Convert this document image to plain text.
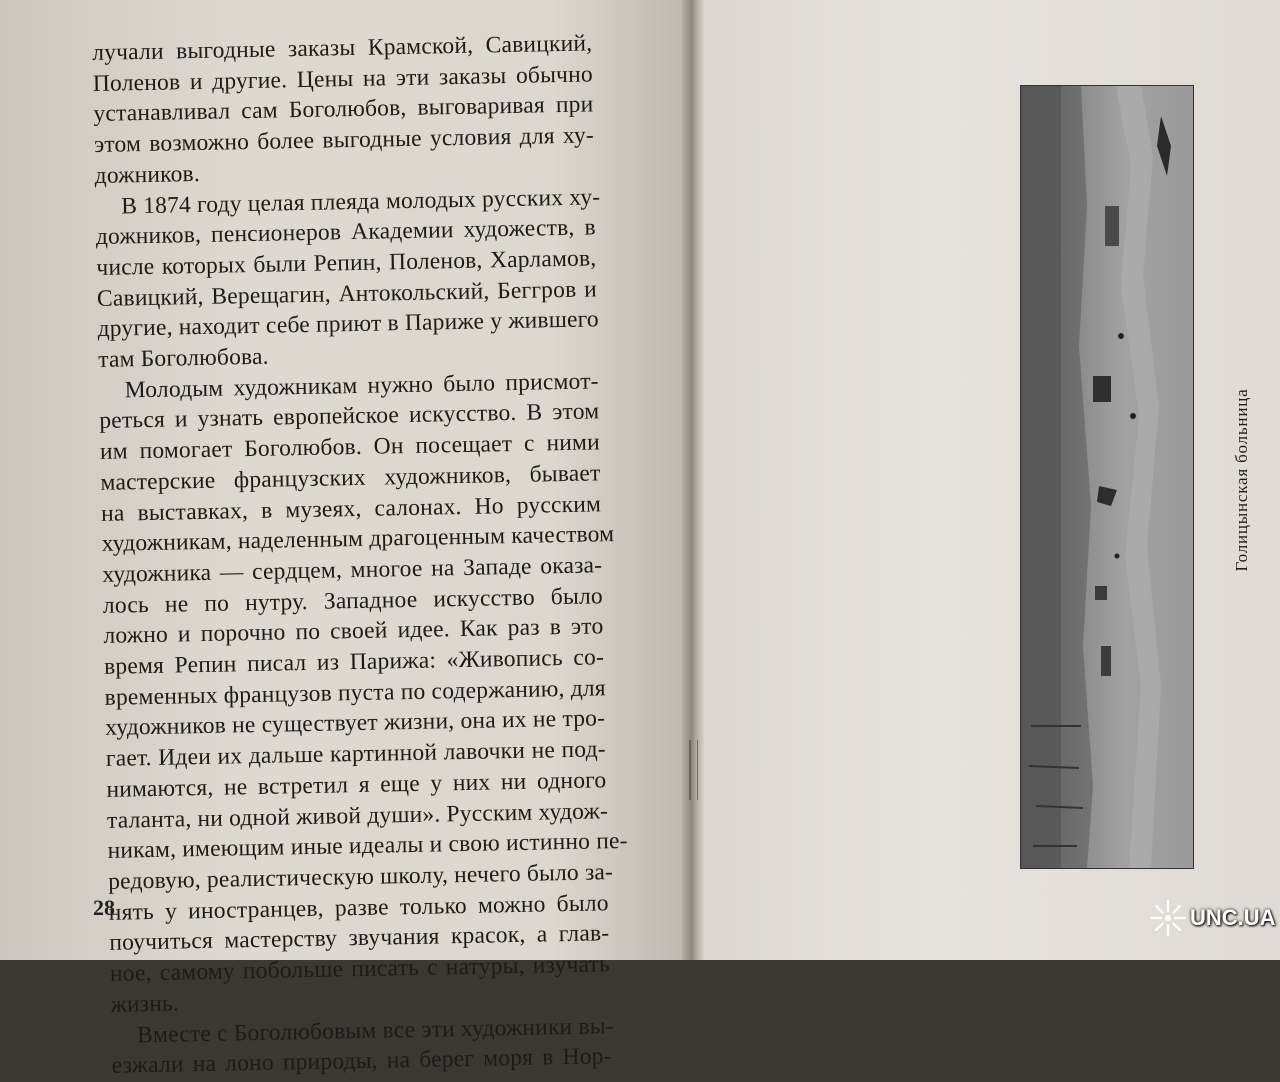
лучали выгодные заказы Крамской, Савицкий,
Поленов и другие. Цены на эти заказы обычно
устанавливал сам Боголюбов, выговаривая при
этом возможно более выгодные условия для ху-
дожников.
В 1874 году целая плеяда молодых русских ху-
дожников, пенсионеров Академии художеств, в
числе которых были Репин, Поленов, Харламов,
Савицкий, Верещагин, Антокольский, Беггров и
другие, находит себе приют в Париже у жившего
там Боголюбова.
Молодым художникам нужно было присмот-
реться и узнать европейское искусство. В этом
им помогает Боголюбов. Он посещает с ними
мастерские французских художников, бывает
на выставках, в музеях, салонах. Но русским
художникам, наделенным драгоценным качеством
художника — сердцем, многое на Западе оказа-
лось не по нутру. Западное искусство было
ложно и порочно по своей идее. Как раз в это
время Репин писал из Парижа: «Живопись со-
временных французов пуста по содержанию, для
художников не существует жизни, она их не тро-
гает. Идеи их дальше картинной лавочки не под-
нимаются, не встретил я еще у них ни одного
таланта, ни одной живой души». Русским худож-
никам, имеющим иные идеалы и свою истинно пе-
редовую, реалистическую школу, нечего было за-
нять у иностранцев, разве только можно было
поучиться мастерству звучания красок, а глав-
ное, самому побольше писать с натуры, изучать
жизнь.
Вместе с Боголюбовым все эти художники вы-
езжали на лоно природы, на берег моря в Нор-
28
Голицынская больница
UNC.UA
